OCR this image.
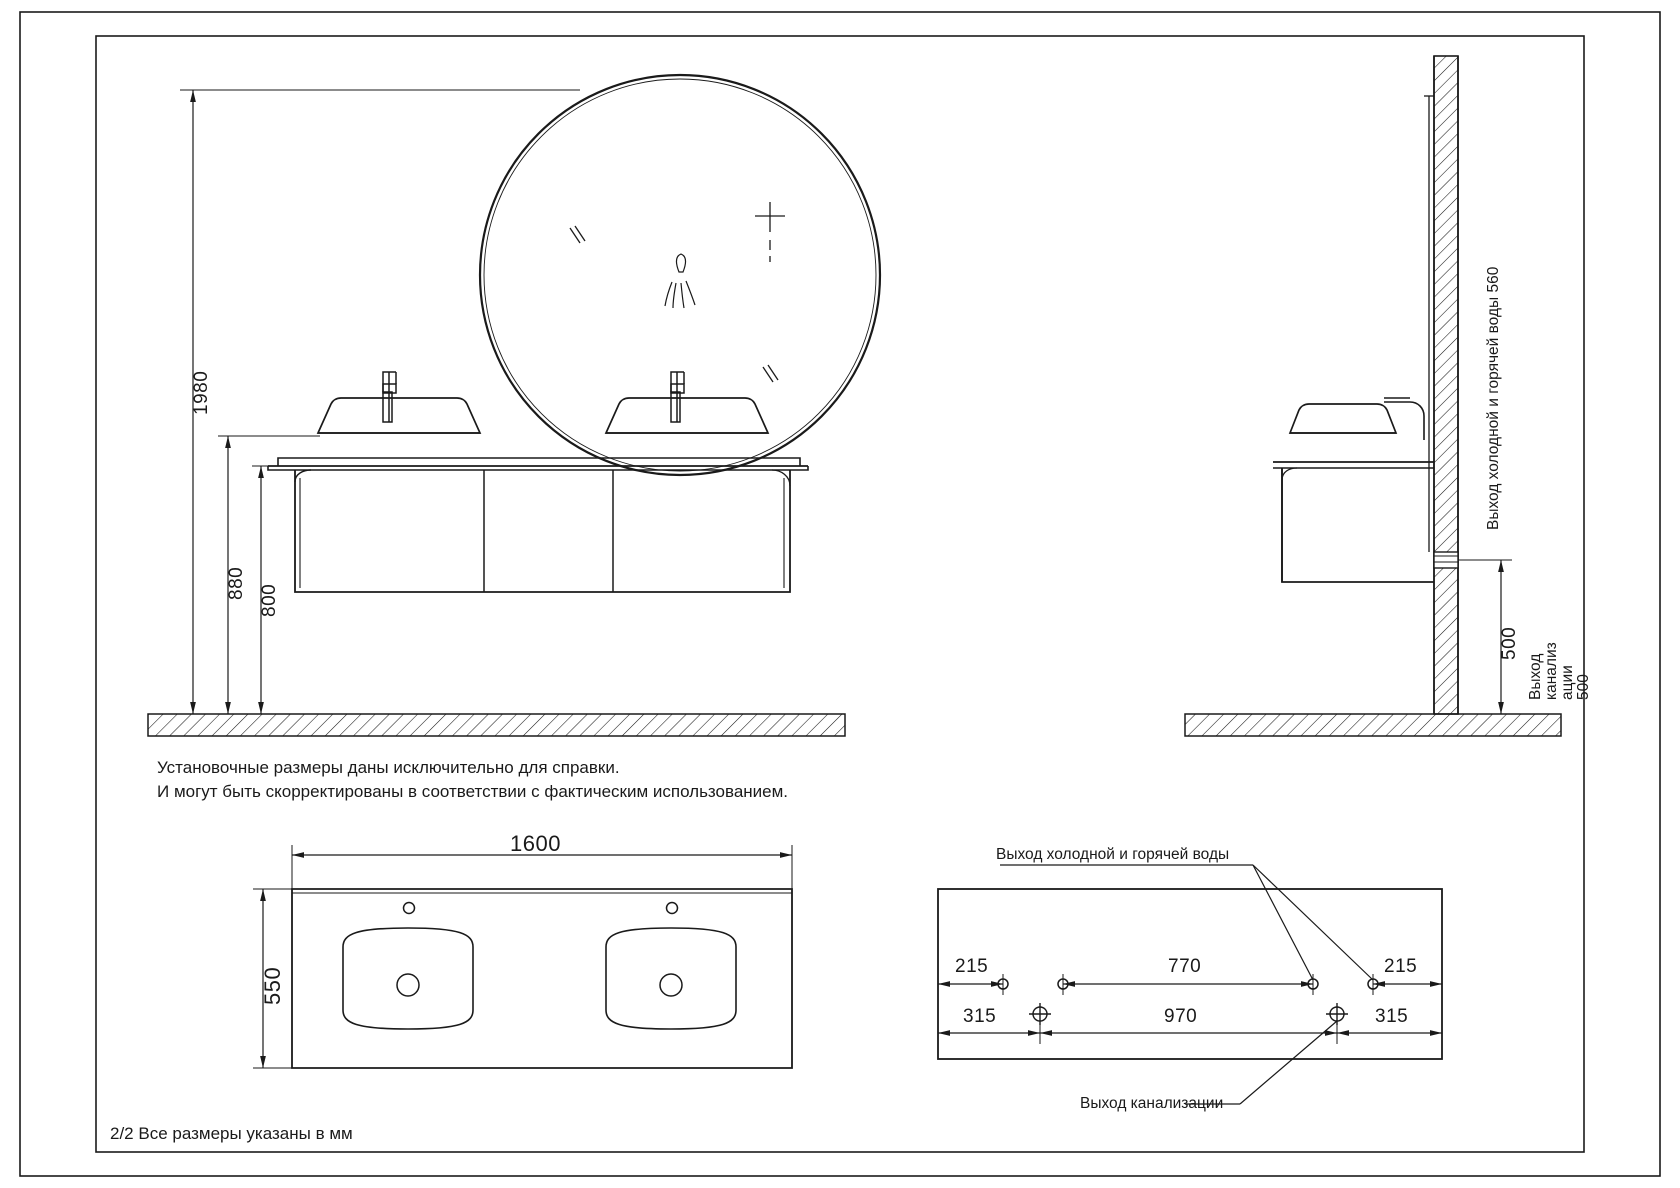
1980
880
800
Выход холодной и горячей воды 560
500
Выход канализ ации 500
Установочные размеры даны исключительно для справки.
И могут быть скорректированы в соответствии с фактическим использованием.
1600
550
Выход холодной и горячей воды
Выход канализации
215	770	215
315	970	315
2/2 Все размеры указаны в мм
